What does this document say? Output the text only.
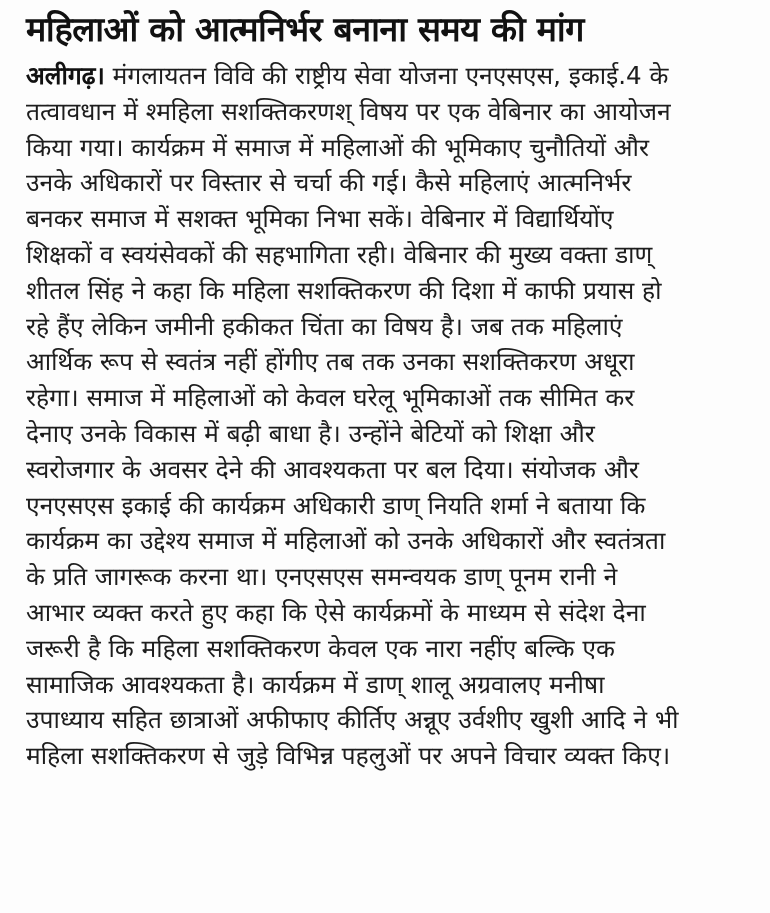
महिलाओं को आत्मनिर्भर बनाना समय की मांग
अलीगढ़। मंगलायतन विवि की राष्ट्रीय सेवा योजना एनएसएस, इकाई.4 के
तत्वावधान में श्महिला सशक्तिकरणश् विषय पर एक वेबिनार का आयोजन
किया गया। कार्यक्रम में समाज में महिलाओं की भूमिकाए चुनौतियों और
उनके अधिकारों पर विस्तार से चर्चा की गई। कैसे महिलाएं आत्मनिर्भर
बनकर समाज में सशक्त भूमिका निभा सकें। वेबिनार में विद्यार्थियोंए
शिक्षकों व स्वयंसेवकों की सहभागिता रही। वेबिनार की मुख्य वक्ता डाण्
शीतल सिंह ने कहा कि महिला सशक्तिकरण की दिशा में काफी प्रयास हो
रहे हैंए लेकिन जमीनी हकीकत चिंता का विषय है। जब तक महिलाएं
आर्थिक रूप से स्वतंत्र नहीं होंगीए तब तक उनका सशक्तिकरण अधूरा
रहेगा। समाज में महिलाओं को केवल घरेलू भूमिकाओं तक सीमित कर
देनाए उनके विकास में बढ़ी बाधा है। उन्होंने बेटियों को शिक्षा और
स्वरोजगार के अवसर देने की आवश्यकता पर बल दिया। संयोजक और
एनएसएस इकाई की कार्यक्रम अधिकारी डाण् नियति शर्मा ने बताया कि
कार्यक्रम का उद्देश्य समाज में महिलाओं को उनके अधिकारों और स्वतंत्रता
के प्रति जागरूक करना था। एनएसएस समन्वयक डाण् पूनम रानी ने
आभार व्यक्त करते हुए कहा कि ऐसे कार्यक्रमों के माध्यम से संदेश देना
जरूरी है कि महिला सशक्तिकरण केवल एक नारा नहींए बल्कि एक
सामाजिक आवश्यकता है। कार्यक्रम में डाण् शालू अग्रवालए मनीषा
उपाध्याय सहित छात्राओं अफीफाए कीर्तिए अन्नूए उर्वशीए खुशी आदि ने भी
महिला सशक्तिकरण से जुड़े विभिन्न पहलुओं पर अपने विचार व्यक्त किए।
